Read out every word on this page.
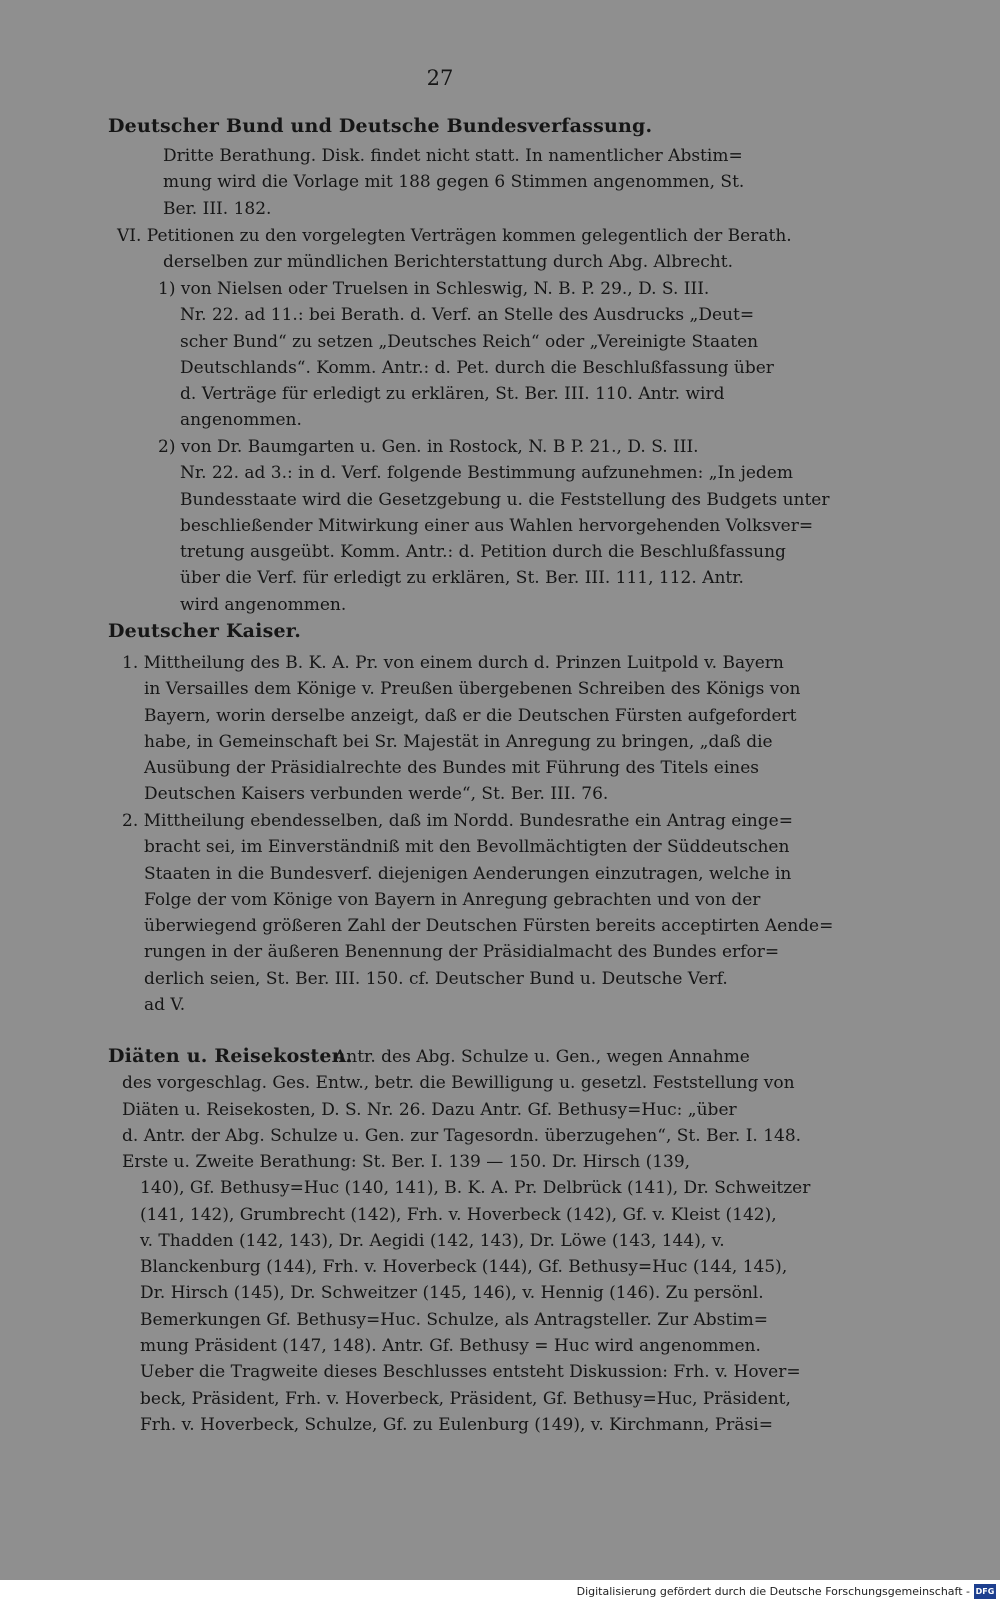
27
Deutscher Bund und Deutsche Bundesverfassung.
Dritte Berathung. Disk. findet nicht statt. In namentlicher Abstim=
mung wird die Vorlage mit 188 gegen 6 Stimmen angenommen, St.
Ber. III. 182.
VI. Petitionen zu den vorgelegten Verträgen kommen gelegentlich der Berath.
derselben zur mündlichen Berichterstattung durch Abg. Albrecht.
1) von Nielsen oder Truelsen in Schleswig, N. B. P. 29., D. S. III.
Nr. 22. ad 11.: bei Berath. d. Verf. an Stelle des Ausdrucks „Deut=
scher Bund“ zu setzen „Deutsches Reich“ oder „Vereinigte Staaten
Deutschlands“. Komm. Antr.: d. Pet. durch die Beschlußfassung über
d. Verträge für erledigt zu erklären, St. Ber. III. 110. Antr. wird
angenommen.
2) von Dr. Baumgarten u. Gen. in Rostock, N. B P. 21., D. S. III.
Nr. 22. ad 3.: in d. Verf. folgende Bestimmung aufzunehmen: „In jedem
Bundesstaate wird die Gesetzgebung u. die Feststellung des Budgets unter
beschließender Mitwirkung einer aus Wahlen hervorgehenden Volksver=
tretung ausgeübt. Komm. Antr.: d. Petition durch die Beschlußfassung
über die Verf. für erledigt zu erklären, St. Ber. III. 111, 112. Antr.
wird angenommen.
Deutscher Kaiser.
1. Mittheilung des B. K. A. Pr. von einem durch d. Prinzen Luitpold v. Bayern
in Versailles dem Könige v. Preußen übergebenen Schreiben des Königs von
Bayern, worin derselbe anzeigt, daß er die Deutschen Fürsten aufgefordert
habe, in Gemeinschaft bei Sr. Majestät in Anregung zu bringen, „daß die
Ausübung der Präsidialrechte des Bundes mit Führung des Titels eines
Deutschen Kaisers verbunden werde“, St. Ber. III. 76.
2. Mittheilung ebendesselben, daß im Nordd. Bundesrathe ein Antrag einge=
bracht sei, im Einverständniß mit den Bevollmächtigten der Süddeutschen
Staaten in die Bundesverf. diejenigen Aenderungen einzutragen, welche in
Folge der vom Könige von Bayern in Anregung gebrachten und von der
überwiegend größeren Zahl der Deutschen Fürsten bereits acceptirten Aende=
rungen in der äußeren Benennung der Präsidialmacht des Bundes erfor=
derlich seien, St. Ber. III. 150. cf. Deutscher Bund u. Deutsche Verf.
ad V.
Diäten u. Reisekosten.
Antr. des Abg. Schulze u. Gen., wegen Annahme
des vorgeschlag. Ges. Entw., betr. die Bewilligung u. gesetzl. Feststellung von
Diäten u. Reisekosten, D. S. Nr. 26. Dazu Antr. Gf. Bethusy=Huc: „über
d. Antr. der Abg. Schulze u. Gen. zur Tagesordn. überzugehen“, St. Ber. I. 148.
Erste u. Zweite Berathung: St. Ber. I. 139 — 150. Dr. Hirsch (139,
140), Gf. Bethusy=Huc (140, 141), B. K. A. Pr. Delbrück (141), Dr. Schweitzer
(141, 142), Grumbrecht (142), Frh. v. Hoverbeck (142), Gf. v. Kleist (142),
v. Thadden (142, 143), Dr. Aegidi (142, 143), Dr. Löwe (143, 144), v.
Blanckenburg (144), Frh. v. Hoverbeck (144), Gf. Bethusy=Huc (144, 145),
Dr. Hirsch (145), Dr. Schweitzer (145, 146), v. Hennig (146). Zu persönl.
Bemerkungen Gf. Bethusy=Huc. Schulze, als Antragsteller. Zur Abstim=
mung Präsident (147, 148). Antr. Gf. Bethusy = Huc wird angenommen.
Ueber die Tragweite dieses Beschlusses entsteht Diskussion: Frh. v. Hover=
beck, Präsident, Frh. v. Hoverbeck, Präsident, Gf. Bethusy=Huc, Präsident,
Frh. v. Hoverbeck, Schulze, Gf. zu Eulenburg (149), v. Kirchmann, Präsi=
Digitalisierung gefördert durch die Deutsche Forschungsgemeinschaft - DFG
